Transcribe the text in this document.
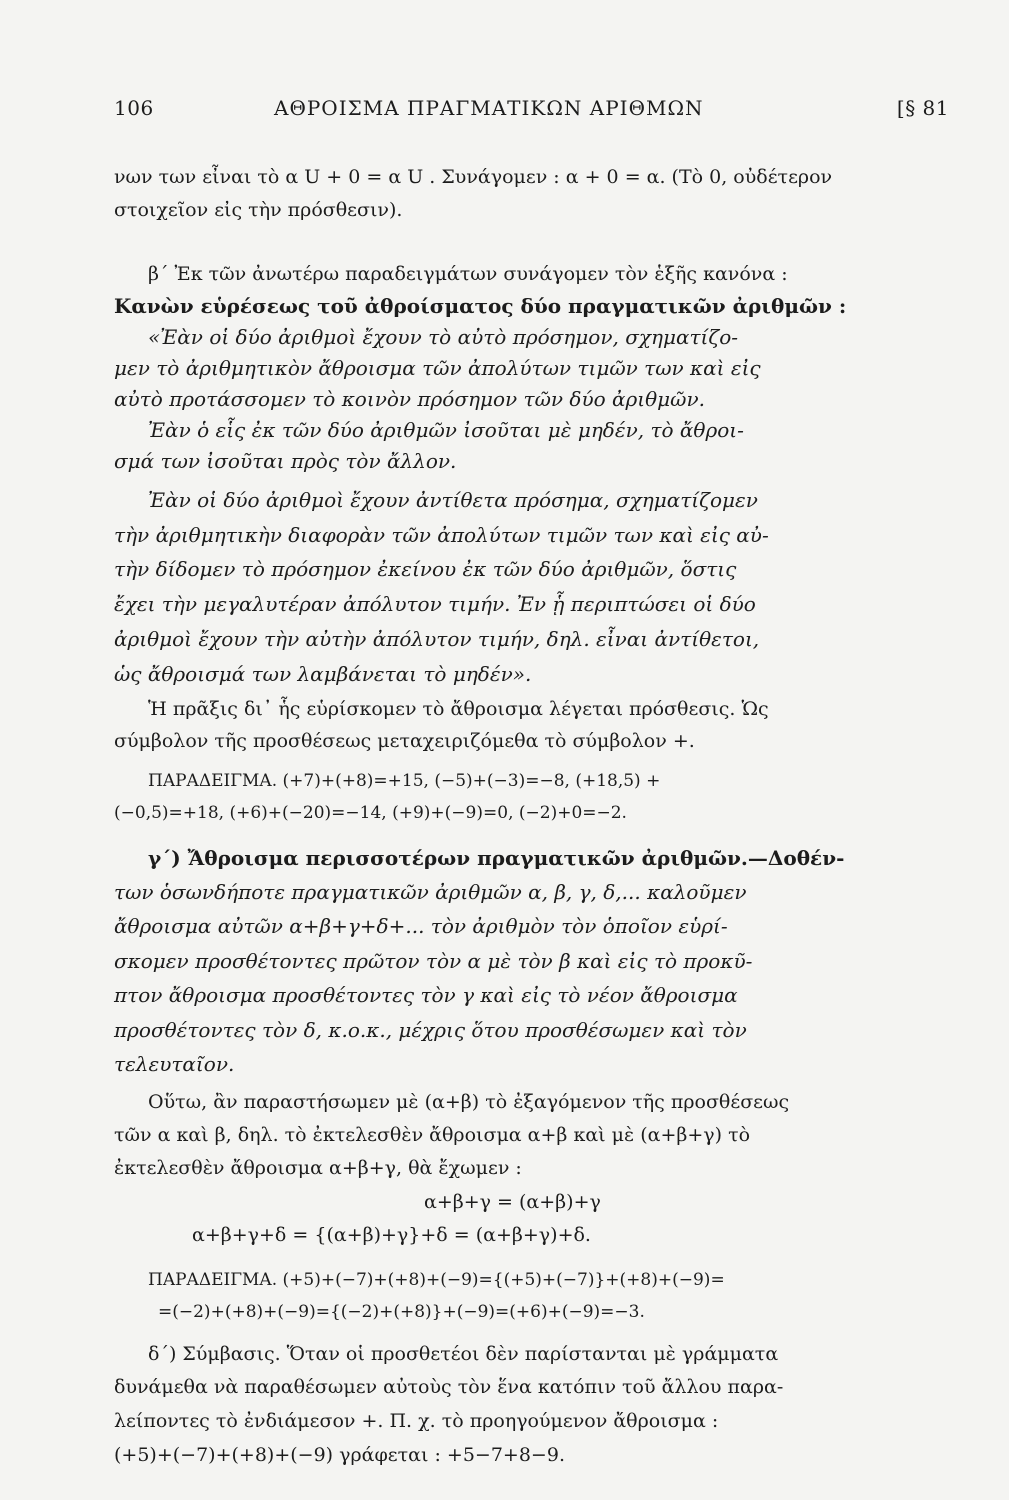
106	ΑΘΡΟΙΣΜΑ ΠΡΑΓΜΑΤΙΚΩΝ ΑΡΙΘΜΩΝ	[§ 81
νων των εἶναι τὸ α U + 0 = α U . Συνάγομεν : α + 0 = α. (Τὸ 0, οὐδέτερον
στοιχεῖον εἰς τὴν πρόσθεσιν).
β΄ Ἐκ τῶν ἀνωτέρω παραδειγμάτων συνάγομεν τὸν ἑξῆς κανόνα :
Κανὼν εὑρέσεως τοῦ ἀθροίσματος δύο πραγματικῶν ἀριθμῶν :
«Ἐὰν οἱ δύο ἀριθμοὶ ἔχουν τὸ αὐτὸ πρόσημον, σχηματίζο-
μεν τὸ ἀριθμητικὸν ἄθροισμα τῶν ἀπολύτων τιμῶν των καὶ εἰς
αὐτὸ προτάσσομεν τὸ κοινὸν πρόσημον τῶν δύο ἀριθμῶν.
Ἐὰν ὁ εἷς ἐκ τῶν δύο ἀριθμῶν ἰσοῦται μὲ μηδέν, τὸ ἄθροι-
σμά των ἰσοῦται πρὸς τὸν ἄλλον.
Ἐὰν οἱ δύο ἀριθμοὶ ἔχουν ἀντίθετα πρόσημα, σχηματίζομεν
τὴν ἀριθμητικὴν διαφορὰν τῶν ἀπολύτων τιμῶν των καὶ εἰς αὐ-
τὴν δίδομεν τὸ πρόσημον ἐκείνου ἐκ τῶν δύο ἀριθμῶν, ὅστις
ἔχει τὴν μεγαλυτέραν ἀπόλυτον τιμήν. Ἐν ᾗ περιπτώσει οἱ δύο
ἀριθμοὶ ἔχουν τὴν αὐτὴν ἀπόλυτον τιμήν, δηλ. εἶναι ἀντίθετοι,
ὡς ἄθροισμά των λαμβάνεται τὸ μηδέν».
Ἡ πρᾶξις δι᾽ ἧς εὑρίσκομεν τὸ ἄθροισμα λέγεται πρόσθεσις. Ὡς
σύμβολον τῆς προσθέσεως μεταχειριζόμεθα τὸ σύμβολον +.
ΠΑΡΑΔΕΙΓΜΑ. (+7)+(+8)=+15, (−5)+(−3)=−8, (+18,5) +
(−0,5)=+18, (+6)+(−20)=−14, (+9)+(−9)=0, (−2)+0=−2.
γ΄) Ἄθροισμα περισσοτέρων πραγματικῶν ἀριθμῶν.—Δοθέν-
των ὁσωνδήποτε πραγματικῶν ἀριθμῶν α, β, γ, δ,... καλοῦμεν
ἄθροισμα αὐτῶν α+β+γ+δ+... τὸν ἀριθμὸν τὸν ὁποῖον εὑρί-
σκομεν προσθέτοντες πρῶτον τὸν α μὲ τὸν β καὶ εἰς τὸ προκῦ-
πτον ἄθροισμα προσθέτοντες τὸν γ καὶ εἰς τὸ νέον ἄθροισμα
προσθέτοντες τὸν δ, κ.ο.κ., μέχρις ὅτου προσθέσωμεν καὶ τὸν
τελευταῖον.
Οὕτω, ἂν παραστήσωμεν μὲ (α+β) τὸ ἐξαγόμενον τῆς προσθέσεως
τῶν α καὶ β, δηλ. τὸ ἐκτελεσθὲν ἄθροισμα α+β καὶ μὲ (α+β+γ) τὸ
ἐκτελεσθὲν ἄθροισμα α+β+γ, θὰ ἔχωμεν :
α+β+γ = (α+β)+γ
α+β+γ+δ = {(α+β)+γ}+δ = (α+β+γ)+δ.
ΠΑΡΑΔΕΙΓΜΑ. (+5)+(−7)+(+8)+(−9)={(+5)+(−7)}+(+8)+(−9)=
=(−2)+(+8)+(−9)={(−2)+(+8)}+(−9)=(+6)+(−9)=−3.
δ΄) Σύμβασις. Ὅταν οἱ προσθετέοι δὲν παρίστανται μὲ γράμματα
δυνάμεθα νὰ παραθέσωμεν αὐτοὺς τὸν ἕνα κατόπιν τοῦ ἄλλου παρα-
λείποντες τὸ ἐνδιάμεσον +. Π. χ. τὸ προηγούμενον ἄθροισμα :
(+5)+(−7)+(+8)+(−9) γράφεται : +5−7+8−9.
